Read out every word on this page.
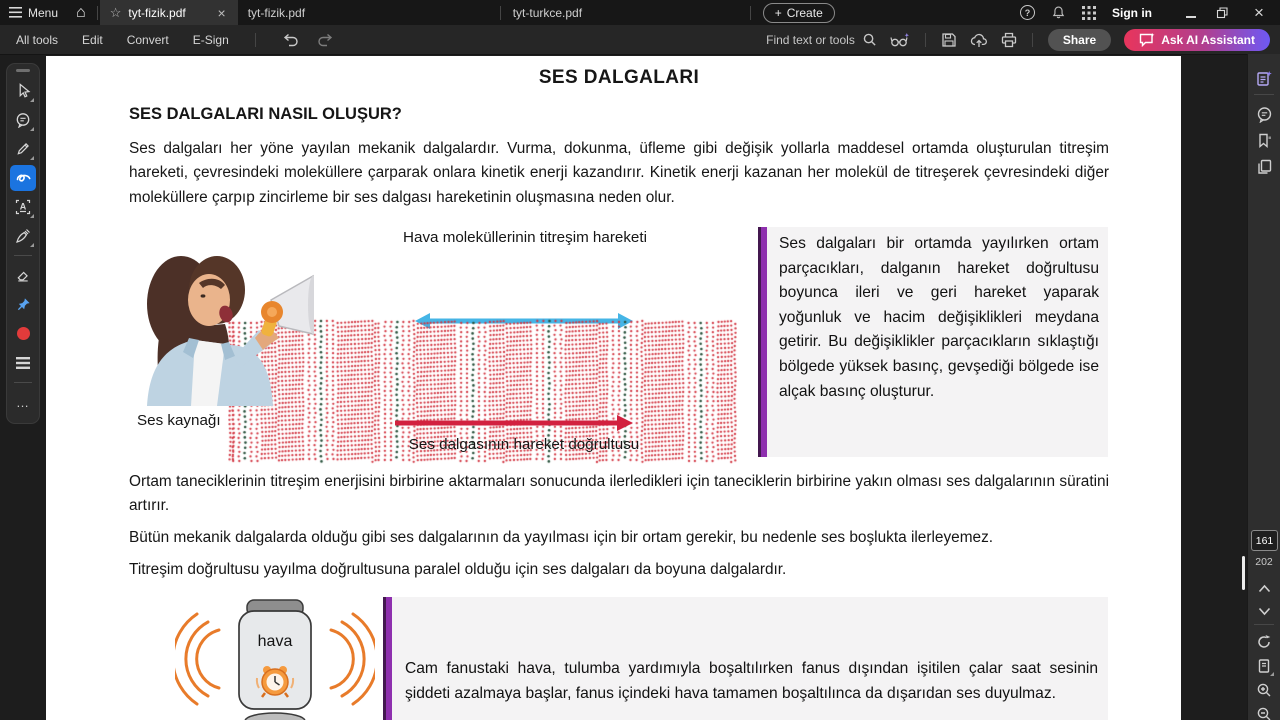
Menu ⌂ ☆ tyt-fizik.pdf × tyt-fizik.pdf	tyt-turkce.pdf	+ Create	?	Sign in	×
All tools Edit Convert E-Sign	Find text or tools	Share	Ask AI Assistant
A
…
SES DALGALARI
SES DALGALARI NASIL OLUŞUR?
Ses dalgaları her yöne yayılan mekanik dalgalardır. Vurma, dokunma, üfleme gibi değişik yollarla maddesel ortamda oluşturulan titreşim hareketi, çevresindeki moleküllere çarparak onlara kinetik enerji kazandırır. Kinetik enerji kazanan her molekül de titreşerek çevresindeki diğer moleküllere çarpıp zincirleme bir ses dalgası hareketinin oluşmasına neden olur.
Hava moleküllerinin titreşim hareketi
Ses kaynağı
Ses dalgasının hareket doğrultusu
Ses dalgaları bir ortamda yayılırken ortam parçacıkları, dalganın hareket doğrultusu boyunca ileri ve geri hareket yaparak yoğunluk ve hacim değişiklikleri meydana getirir. Bu değişiklikler parçacıkların sıklaştığı bölgede yüksek basınç, gevşediği bölgede ise alçak basınç oluşturur.
Ortam taneciklerinin titreşim enerjisini birbirine aktarmaları sonucunda ilerledikleri için taneciklerin birbirine yakın olması ses dalgalarının süratini artırır.
Bütün mekanik dalgalarda olduğu gibi ses dalgalarının da yayılması için bir ortam gerekir, bu nedenle ses boşlukta ilerleyemez.
Titreşim doğrultusu yayılma doğrultusuna paralel olduğu için ses dalgaları da boyuna dalgalardır.
hava
Cam fanustaki hava, tulumba yardımıyla boşaltılırken fanus dışından işitilen çalar saat sesinin şiddeti azalmaya başlar, fanus içindeki hava tamamen boşaltılınca da dışarıdan ses duyulmaz.
161
202
